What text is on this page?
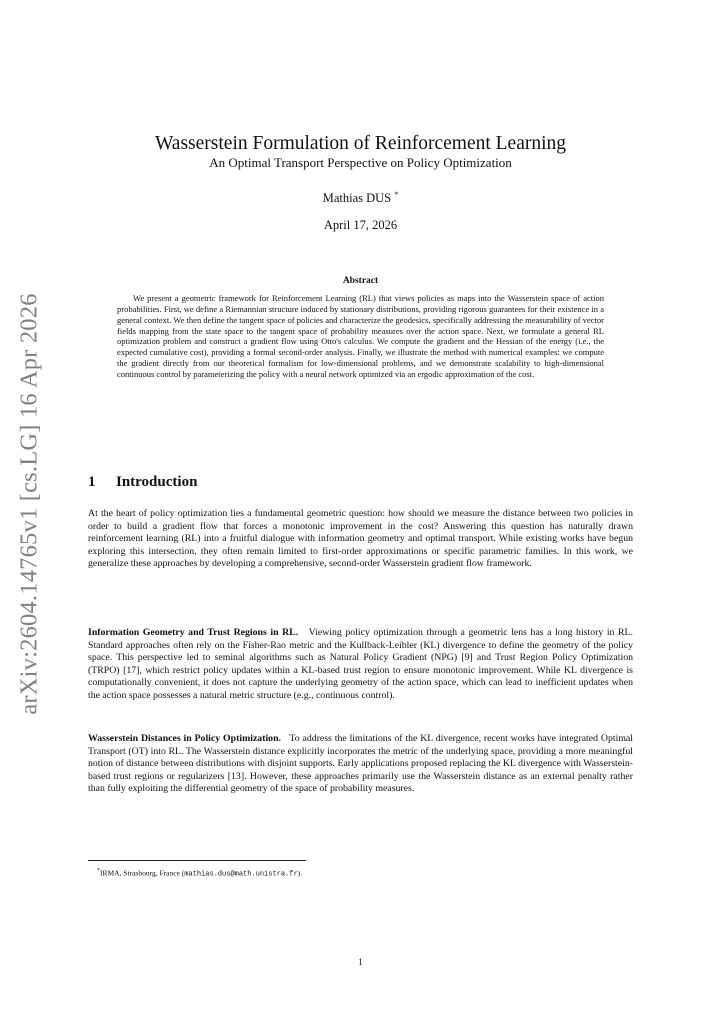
arXiv:2604.14765v1 [cs.LG] 16 Apr 2026
Wasserstein Formulation of Reinforcement Learning
An Optimal Transport Perspective on Policy Optimization
Mathias DUS *
April 17, 2026
Abstract

We present a geometric framework for Reinforcement Learning (RL) that views policies as maps into the Wasserstein space of action probabilities. First, we define a Riemannian structure induced by stationary distributions, providing rigorous guarantees for their existence in a general context. We then define the tangent space of policies and characterize the geodesics, specifically addressing the measurability of vector fields mapping from the state space to the tangent space of probability measures over the action space. Next, we formulate a general RL optimization problem and construct a gradient flow using Otto's calculus. We compute the gradient and the Hessian of the energy (i.e., the expected cumulative cost), providing a formal second-order analysis. Finally, we illustrate the method with numerical examples: we compute the gradient directly from our theoretical formalism for low-dimensional problems, and we demonstrate scalability to high-dimensional continuous control by parameterizing the policy with a neural network optimized via an ergodic approximation of the cost.

1 Introduction

At the heart of policy optimization lies a fundamental geometric question: how should we measure the distance between two policies in order to build a gradient flow that forces a monotonic improvement in the cost? Answering this question has naturally drawn reinforcement learning (RL) into a fruitful dialogue with information geometry and optimal transport. While existing works have begun exploring this intersection, they often remain limited to first-order approximations or specific parametric families. In this work, we generalize these approaches by developing a comprehensive, second-order Wasserstein gradient flow framework.

Information Geometry and Trust Regions in RL. Viewing policy optimization through a geometric lens has a long history in RL. Standard approaches often rely on the Fisher-Rao metric and the Kullback-Leibler (KL) divergence to define the geometry of the policy space. This perspective led to seminal algorithms such as Natural Policy Gradient (NPG) [9] and Trust Region Policy Optimization (TRPO) [17], which restrict policy updates within a KL-based trust region to ensure monotonic improvement. While KL divergence is computationally convenient, it does not capture the underlying geometry of the action space, which can lead to inefficient updates when the action space possesses a natural metric structure (e.g., continuous control).

Wasserstein Distances in Policy Optimization. To address the limitations of the KL divergence, recent works have integrated Optimal Transport (OT) into RL. The Wasserstein distance explicitly incorporates the metric of the underlying space, providing a more meaningful notion of distance between distributions with disjoint supports. Early applications proposed replacing the KL divergence with Wasserstein-based trust regions or regularizers [13]. However, these approaches primarily use the Wasserstein distance as an external penalty rather than fully exploiting the differential geometry of the space of probability measures.

*IRMA, Strasbourg, France (mathias.dus@math.unistra.fr).
1
